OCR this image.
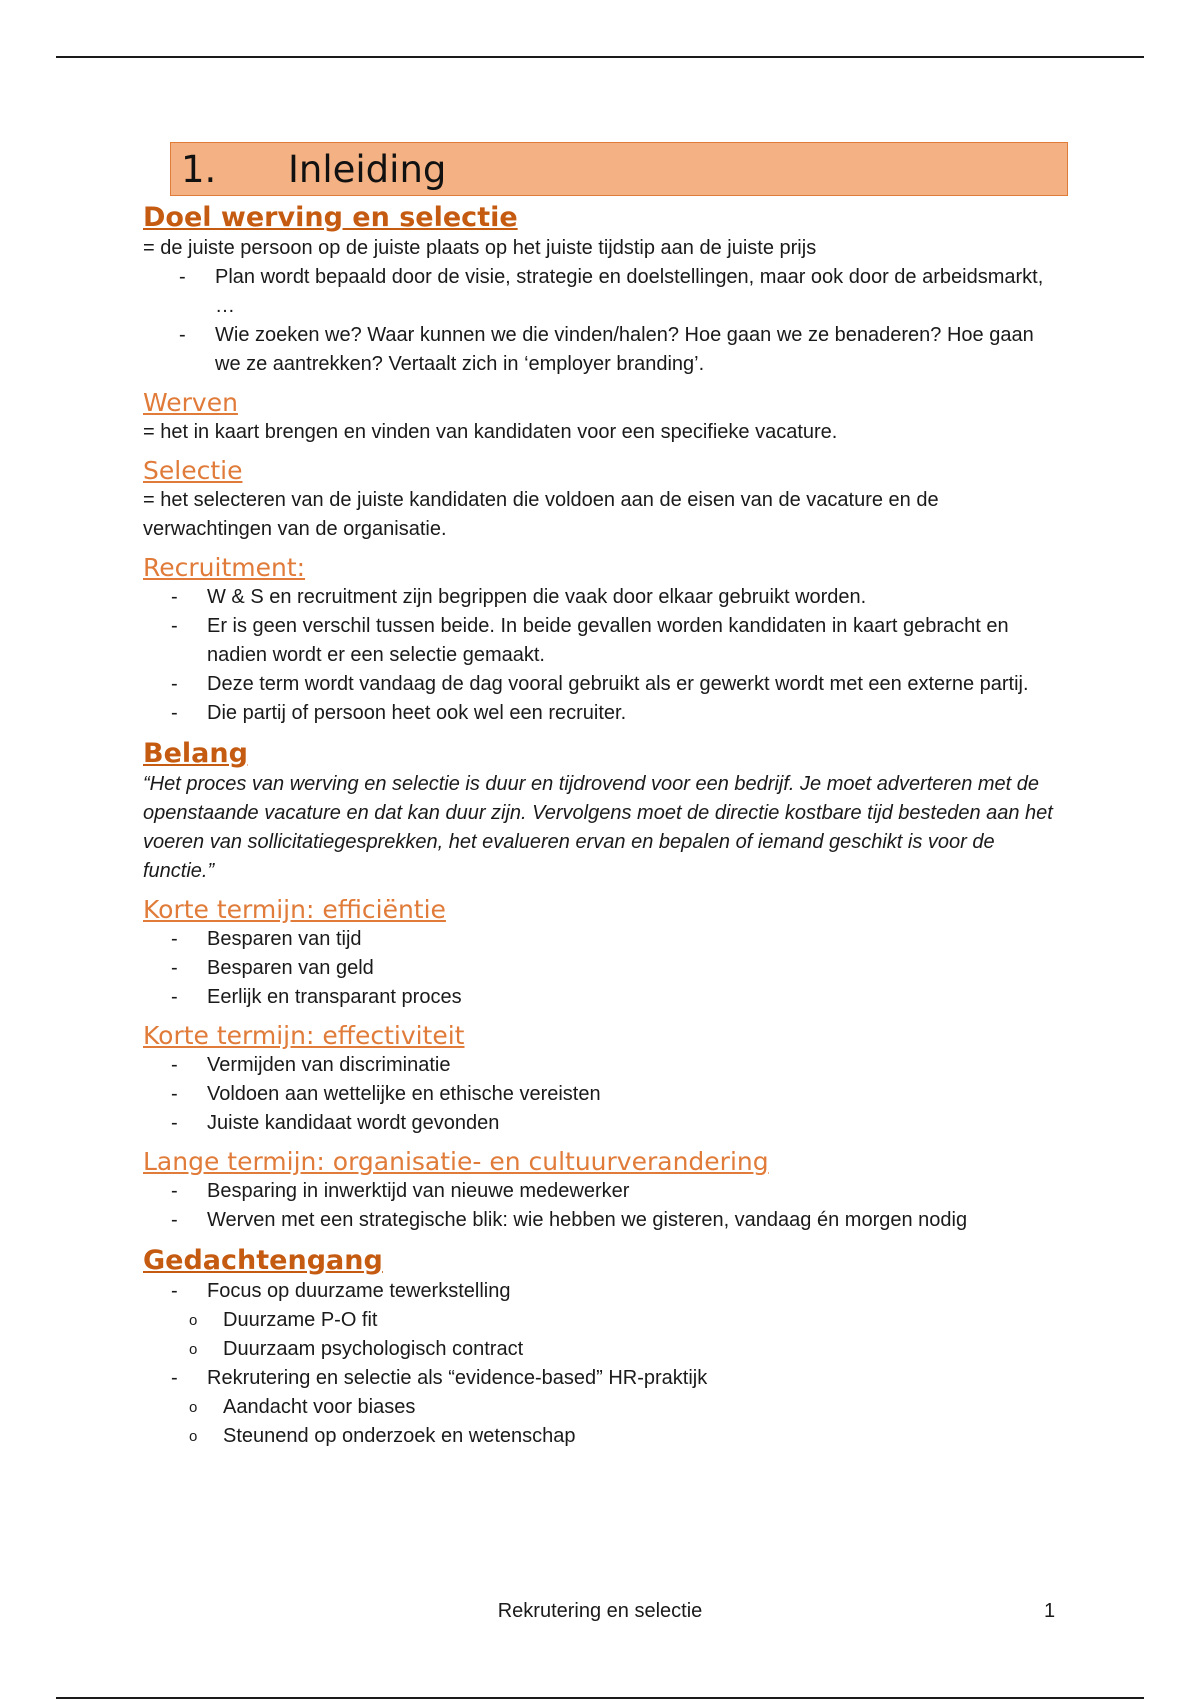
1.	Inleiding
Doel werving en selectie

= de juiste persoon op de juiste plaats op het juiste tijdstip aan de juiste prijs

- Plan wordt bepaald door de visie, strategie en doelstellingen, maar ook door de arbeidsmarkt, …
- Wie zoeken we? Waar kunnen we die vinden/halen? Hoe gaan we ze benaderen? Hoe gaan we ze aantrekken? Vertaalt zich in ‘employer branding’.
Werven

= het in kaart brengen en vinden van kandidaten voor een specifieke vacature.

Selectie

= het selecteren van de juiste kandidaten die voldoen aan de eisen van de vacature en de verwachtingen van de organisatie.

Recruitment:
- W & S en recruitment zijn begrippen die vaak door elkaar gebruikt worden.
- Er is geen verschil tussen beide. In beide gevallen worden kandidaten in kaart gebracht en nadien wordt er een selectie gemaakt.
- Deze term wordt vandaag de dag vooral gebruikt als er gewerkt wordt met een externe partij.
- Die partij of persoon heet ook wel een recruiter.
Belang

“Het proces van werving en selectie is duur en tijdrovend voor een bedrijf. Je moet adverteren met de openstaande vacature en dat kan duur zijn. Vervolgens moet de directie kostbare tijd besteden aan het voeren van sollicitatiegesprekken, het evalueren ervan en bepalen of iemand geschikt is voor de functie.”

Korte termijn: efficiëntie
- Besparen van tijd
- Besparen van geld
- Eerlijk en transparant proces
Korte termijn: effectiviteit
- Vermijden van discriminatie
- Voldoen aan wettelijke en ethische vereisten
- Juiste kandidaat wordt gevonden
Lange termijn: organisatie- en cultuurverandering
- Besparing in inwerktijd van nieuwe medewerker
- Werven met een strategische blik: wie hebben we gisteren, vandaag én morgen nodig
Gedachtengang
- Focus op duurzame tewerkstelling
o Duurzame P-O fit
o Duurzaam psychologisch contract
- Rekrutering en selectie als “evidence-based” HR-praktijk
o Aandacht voor biases
o Steunend op onderzoek en wetenschap
Rekrutering en selectie	1
